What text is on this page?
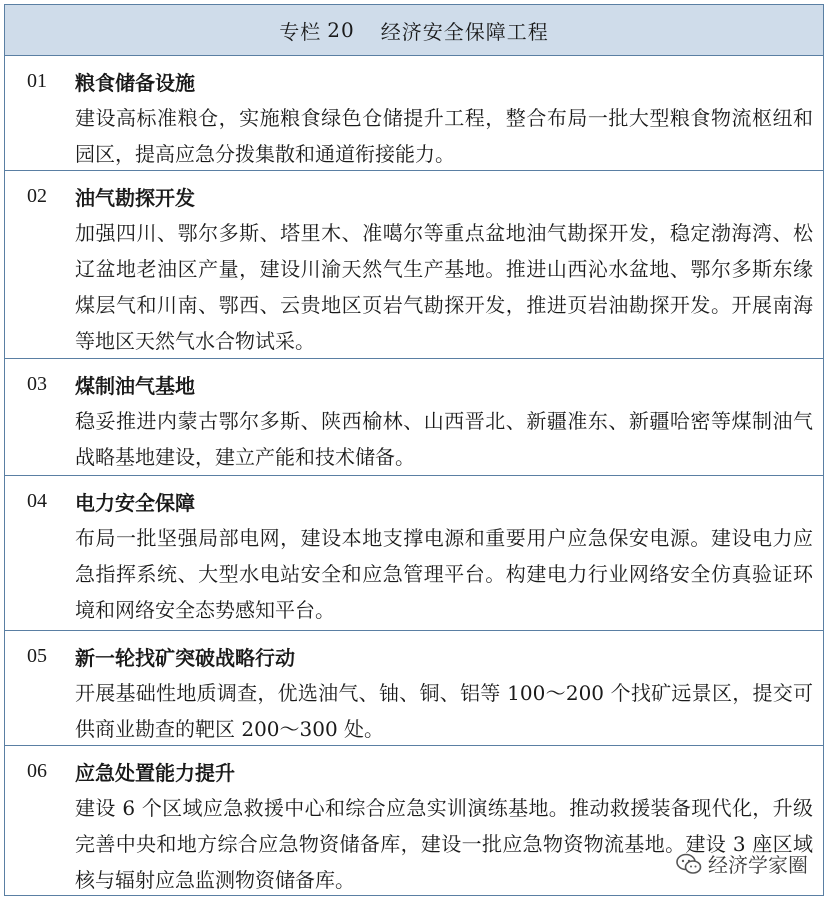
专栏 20 经济安全保障工程
01	粮食储备设施
建设高标准粮仓，实施粮食绿色仓储提升工程，整合布局一批大型粮食物流枢纽和园区，提高应急分拨集散和通道衔接能力。
02	油气勘探开发
加强四川、鄂尔多斯、塔里木、准噶尔等重点盆地油气勘探开发，稳定渤海湾、松辽盆地老油区产量，建设川渝天然气生产基地。推进山西沁水盆地、鄂尔多斯东缘煤层气和川南、鄂西、云贵地区页岩气勘探开发，推进页岩油勘探开发。开展南海等地区天然气水合物试采。
03	煤制油气基地
稳妥推进内蒙古鄂尔多斯、陕西榆林、山西晋北、新疆准东、新疆哈密等煤制油气战略基地建设，建立产能和技术储备。
04	电力安全保障
布局一批坚强局部电网，建设本地支撑电源和重要用户应急保安电源。建设电力应急指挥系统、大型水电站安全和应急管理平台。构建电力行业网络安全仿真验证环境和网络安全态势感知平台。
05	新一轮找矿突破战略行动
开展基础性地质调查，优选油气、铀、铜、铝等 100～200 个找矿远景区，提交可供商业勘查的靶区 200～300 处。
06	应急处置能力提升
建设 6 个区域应急救援中心和综合应急实训演练基地。推动救援装备现代化，升级完善中央和地方综合应急物资储备库，建设一批应急物资物流基地。建设 3 座区域核与辐射应急监测物资储备库。
经济学家圈
